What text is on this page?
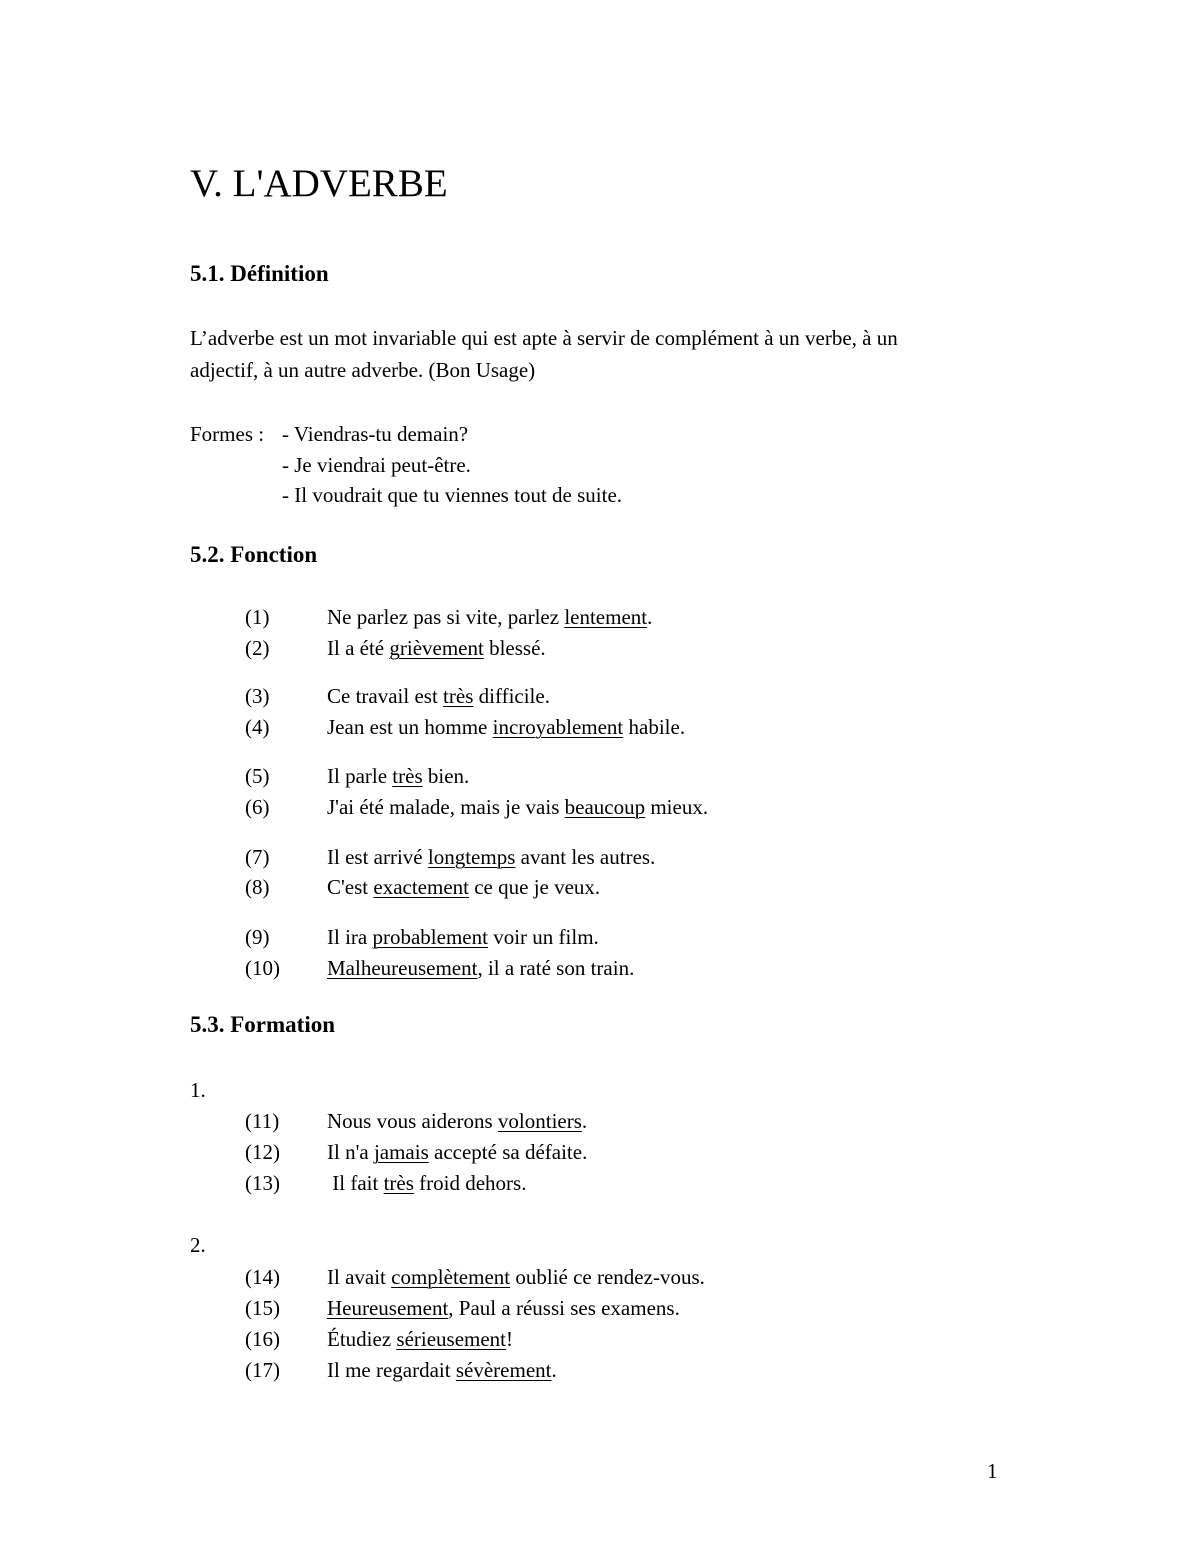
V. L'ADVERBE
5.1. Définition
L’adverbe est un mot invariable qui est apte à servir de complément à un verbe, à un
adjectif, à un autre adverbe. (Bon Usage)
Formes : - Viendras-tu demain?
- Je viendrai peut-être.
- Il voudrait que tu viennes tout de suite.
5.2. Fonction
(1)	Ne parlez pas si vite, parlez lentement.
(2)	Il a été grièvement blessé.
(3)	Ce travail est très difficile.
(4)	Jean est un homme incroyablement habile.
(5)	Il parle très bien.
(6)	J'ai été malade, mais je vais beaucoup mieux.
(7)	Il est arrivé longtemps avant les autres.
(8)	C'est exactement ce que je veux.
(9)	Il ira probablement voir un film.
(10) Malheureusement, il a raté son train.
5.3. Formation
1.
(11) Nous vous aiderons volontiers.
(12) Il n'a jamais accepté sa défaite.
(13) Il fait très froid dehors.
2.
(14) Il avait complètement oublié ce rendez-vous.
(15) Heureusement, Paul a réussi ses examens.
(16) Étudiez sérieusement!
(17) Il me regardait sévèrement.
1
